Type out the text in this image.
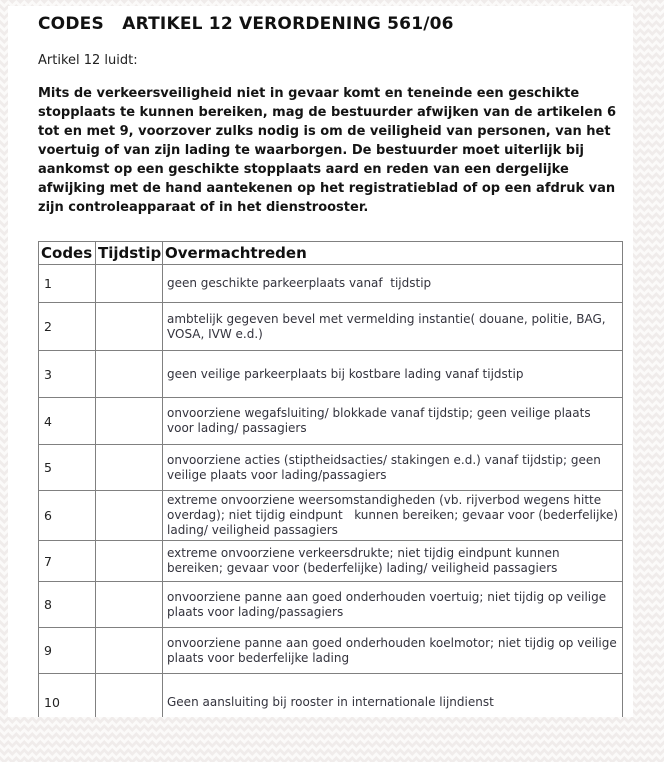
CODES   ARTIKEL 12 VERORDENING 561/06

Artikel 12 luidt:

Mits de verkeersveiligheid niet in gevaar komt en teneinde een geschikte stopplaats te kunnen bereiken, mag de bestuurder afwijken van de artikelen 6 tot en met 9, voorzover zulks nodig is om de veiligheid van personen, van het voertuig of van zijn lading te waarborgen. De bestuurder moet uiterlijk bij aankomst op een geschikte stopplaats aard en reden van een dergelijke afwijking met de hand aantekenen op het registratieblad of op een afdruk van zijn controleapparaat of in het dienstrooster.

Codes	Tijdstip	Overmachtreden
1		geen geschikte parkeerplaats vanaf  tijdstip
2		ambtelijk gegeven bevel met vermelding instantie( douane, politie, BAG, VOSA, IVW e.d.)
3		geen veilige parkeerplaats bij kostbare lading vanaf tijdstip
4		onvoorziene wegafsluiting/ blokkade vanaf tijdstip; geen veilige plaats voor lading/ passagiers
5		onvoorziene acties (stiptheidsacties/ stakingen e.d.) vanaf tijdstip; geen veilige plaats voor lading/passagiers
6		extreme onvoorziene weersomstandigheden (vb. rijverbod wegens hitte overdag); niet tijdig eindpunt   kunnen bereiken; gevaar voor (bederfelijke) lading/ veiligheid passagiers
7		extreme onvoorziene verkeersdrukte; niet tijdig eindpunt kunnen bereiken; gevaar voor (bederfelijke) lading/ veiligheid passagiers
8		onvoorziene panne aan goed onderhouden voertuig; niet tijdig op veilige plaats voor lading/passagiers
9		onvoorziene panne aan goed onderhouden koelmotor; niet tijdig op veilige plaats voor bederfelijke lading
10		Geen aansluiting bij rooster in internationale lijndienst
